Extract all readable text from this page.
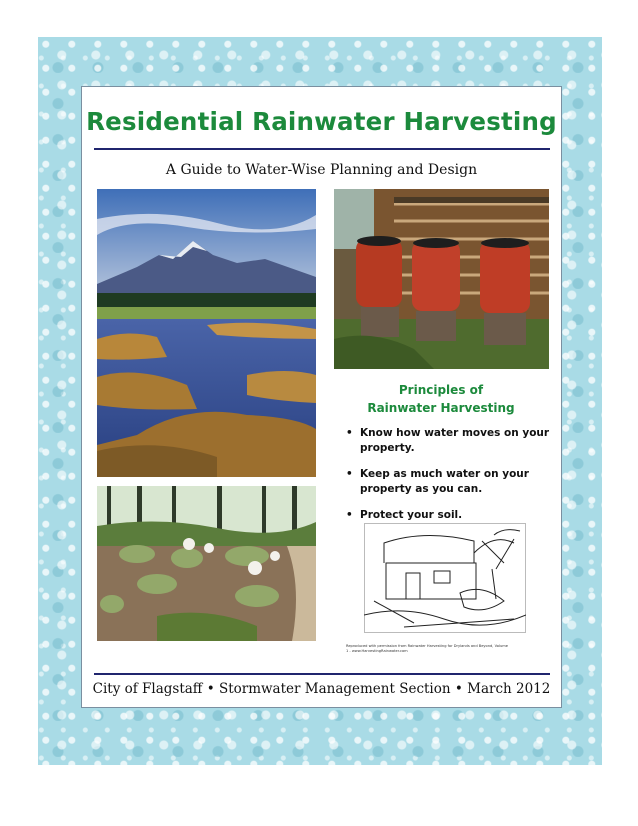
Residential Rainwater Harvesting
A Guide to Water-Wise Planning and Design
Principles of
Rainwater Harvesting
• Know how water moves on your property.
• Keep as much water on your property as you can.
• Protect your soil.
Reproduced with permission from Rainwater Harvesting for Drylands and Beyond, Volume
1 - www.HarvestingRainwater.com
City of Flagstaff • Stormwater Management Section • March 2012
